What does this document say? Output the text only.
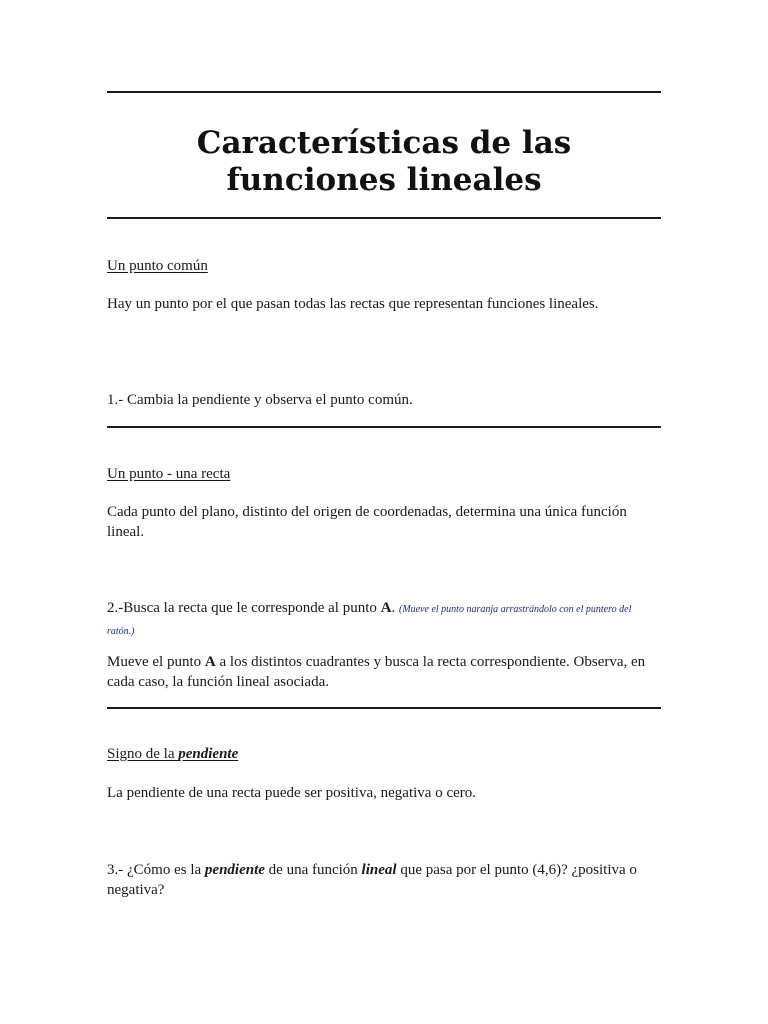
Características de las funciones lineales
Un punto común
Hay un punto por el que pasan todas las rectas que representan funciones lineales.
1.- Cambia la pendiente y observa el punto común.
Un punto - una recta
Cada punto del plano, distinto del origen de coordenadas, determina una única función lineal.
2.-Busca la recta que le corresponde al punto A. (Mueve el punto naranja arrastrándolo con el puntero del ratón.)
Mueve el punto A a los distintos cuadrantes y busca la recta correspondiente. Observa, en cada caso, la función lineal asociada.
Signo de la pendiente
La pendiente de una recta puede ser positiva, negativa o cero.
3.- ¿Cómo es la pendiente de una función lineal que pasa por el punto (4,6)? ¿positiva o negativa?
